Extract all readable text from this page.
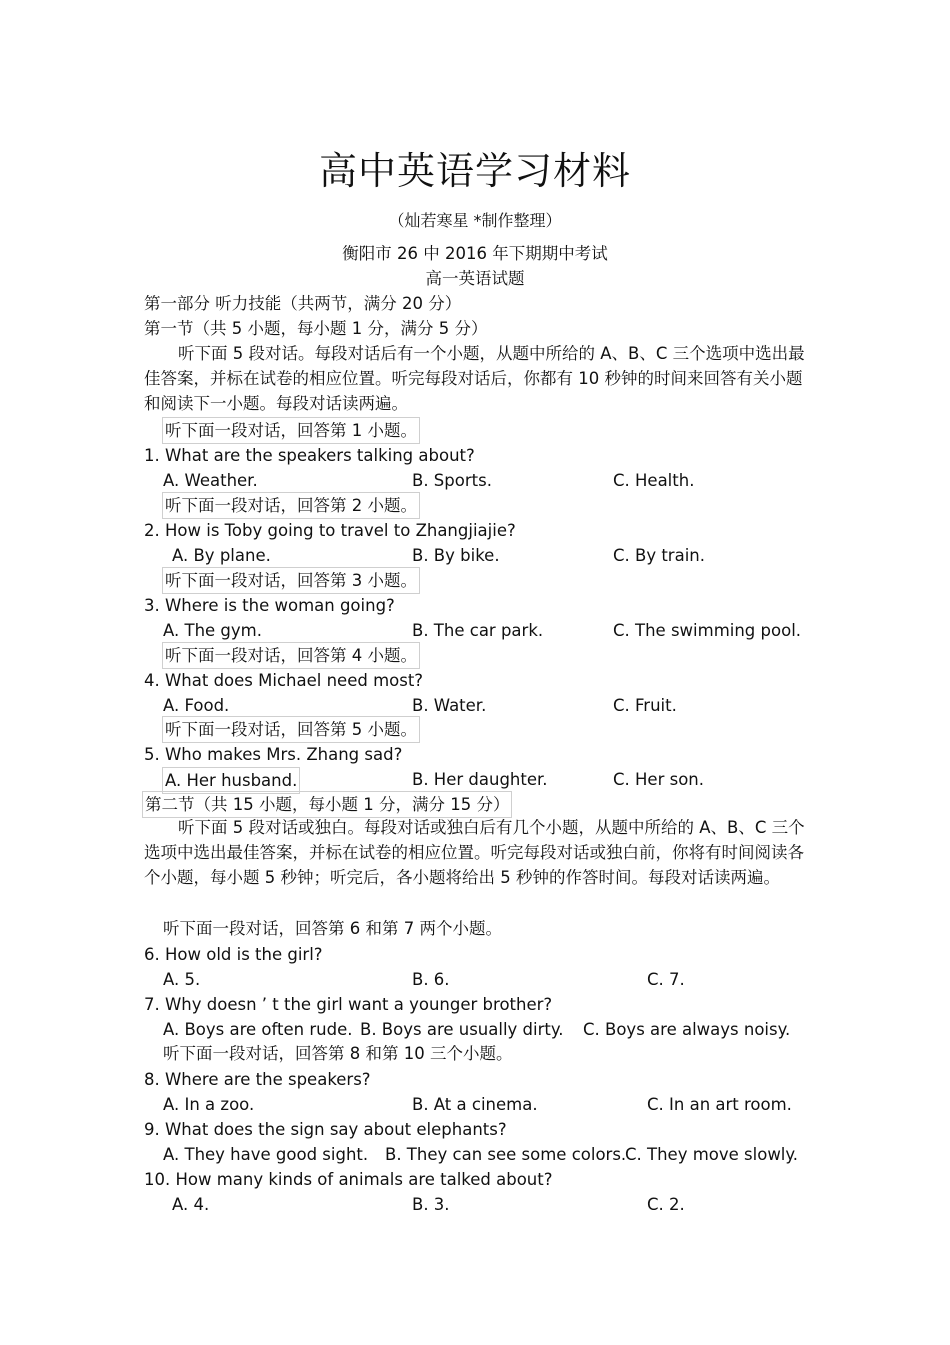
高中英语学习材料
（灿若寒星 *制作整理）
衡阳市 26 中 2016 年下期期中考试
高一英语试题
第一部分 听力技能（共两节，满分 20 分）
第一节（共 5 小题，每小题 1 分，满分 5 分）
听下面 5 段对话。每段对话后有一个小题，从题中所给的 A、B、C 三个选项中选出最佳答案，并标在试卷的相应位置。听完每段对话后，你都有 10 秒钟的时间来回答有关小题和阅读下一小题。每段对话读两遍。
听下面一段对话，回答第 1 小题。
1. What are the speakers talking about?
A. Weather.	B. Sports.	C. Health.
听下面一段对话，回答第 2 小题。
2. How is Toby going to travel to Zhangjiajie?
A. By plane.	B. By bike.	C. By train.
听下面一段对话，回答第 3 小题。
3. Where is the woman going?
A. The gym.	B. The car park.	C. The swimming pool.
听下面一段对话，回答第 4 小题。
4. What does Michael need most?
A. Food.	B. Water.	C. Fruit.
听下面一段对话，回答第 5 小题。
5. Who makes Mrs. Zhang sad?
A. Her husband.	B. Her daughter.	C. Her son.
第二节（共 15 小题，每小题 1 分，满分 15 分）
听下面 5 段对话或独白。每段对话或独白后有几个小题，从题中所给的 A、B、C 三个选项中选出最佳答案，并标在试卷的相应位置。听完每段对话或独白前，你将有时间阅读各个小题，每小题 5 秒钟；听完后，各小题将给出 5 秒钟的作答时间。每段对话读两遍。
听下面一段对话，回答第 6 和第 7 两个小题。
6. How old is the girl?
A. 5.	B. 6.	C. 7.
7. Why doesn ’ t the girl want a younger brother?
A. Boys are often rude. B. Boys are usually dirty. C. Boys are always noisy.
听下面一段对话，回答第 8 和第 10 三个小题。
8. Where are the speakers?
A. In a zoo.	B. At a cinema.	C. In an art room.
9. What does the sign say about elephants?
A. They have good sight. B. They can see some colors.
C. They move slowly.
10. How many kinds of animals are talked about?
A. 4.	B. 3.	C. 2.
